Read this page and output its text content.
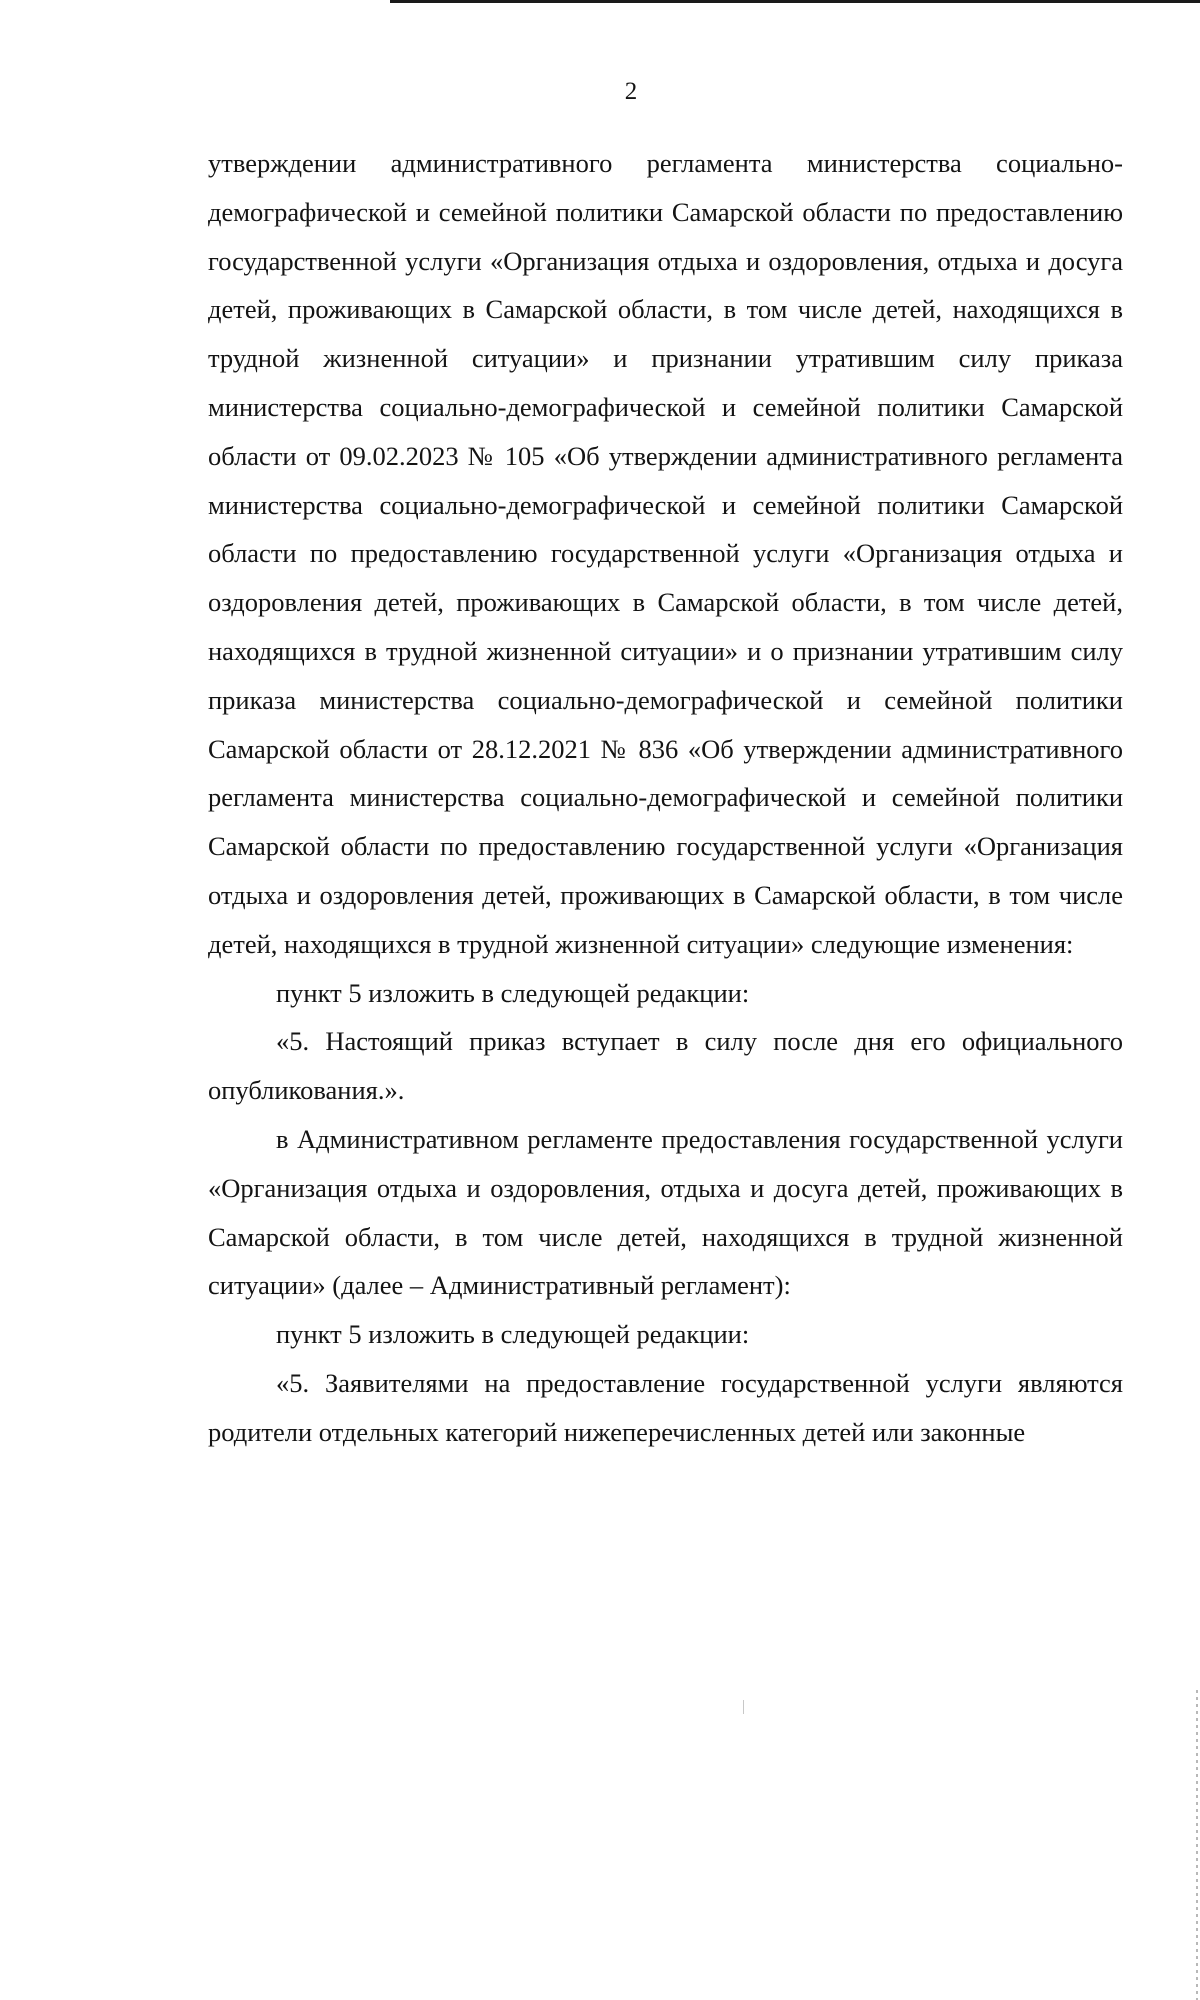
2

утверждении административного регламента министерства социально-демографической и семейной политики Самарской области по предоставлению государственной услуги «Организация отдыха и оздоровления, отдыха и досуга детей, проживающих в Самарской области, в том числе детей, находящихся в трудной жизненной ситуации» и признании утратившим силу приказа министерства социально-демографической и семейной политики Самарской области от 09.02.2023 № 105 «Об утверждении административного регламента министерства социально-демографической и семейной политики Самарской области по предоставлению государственной услуги «Организация отдыха и оздоровления детей, проживающих в Самарской области, в том числе детей, находящихся в трудной жизненной ситуации» и о признании утратившим силу приказа министерства социально-демографической и семейной политики Самарской области от 28.12.2021 № 836 «Об утверждении административного регламента министерства социально-демографической и семейной политики Самарской области по предоставлению государственной услуги «Организация отдыха и оздоровления детей, проживающих в Самарской области, в том числе детей, находящихся в трудной жизненной ситуации» следующие изменения:

пункт 5 изложить в следующей редакции:

«5. Настоящий приказ вступает в силу после дня его официального опубликования.».

в Административном регламенте предоставления государственной услуги «Организация отдыха и оздоровления, отдыха и досуга детей, проживающих в Самарской области, в том числе детей, находящихся в трудной жизненной ситуации» (далее – Административный регламент):

пункт 5 изложить в следующей редакции:

«5. Заявителями на предоставление государственной услуги являются родители отдельных категорий нижеперечисленных детей или законные
